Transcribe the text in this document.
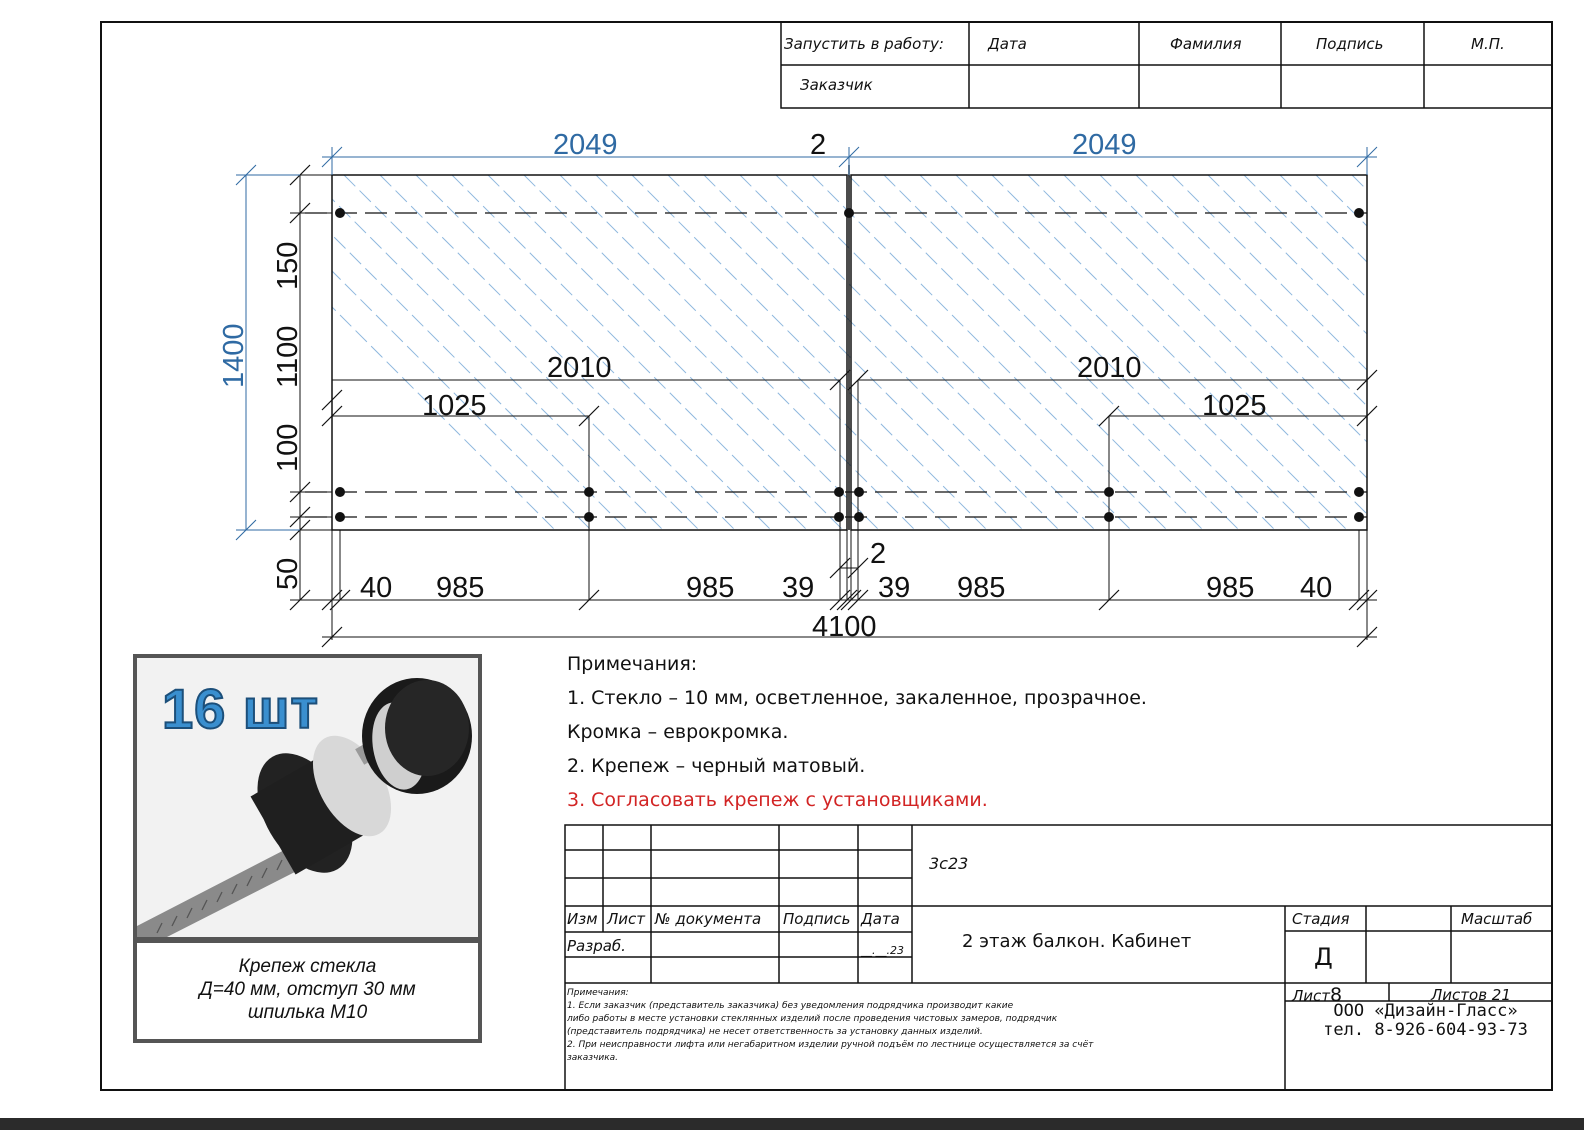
2049	2	2049
2010	2010
1025	1025
40 985	985 39
2
39 985	985 40
4100
1400
150
1100
100
50
Запустить в работу:
Заказчик
Дата	Фамилия	Подпись	М.П.
Примечания:
1. Стекло – 10 мм, осветленное, закаленное, прозрачное.
Кромка – еврокромка.
2. Крепеж – черный матовый.
3. Согласовать крепеж с установщиками.
16 шт
Крепеж стекла
Д=40 мм, отступ 30 мм
шпилька М10
3с23
Изм Лист № документа Подпись Дата
Разраб.	__.__.23	2 этаж балкон. Кабинет
Стадия	Масштаб
Д
Лист8	Листов 21
ООО «Дизайн-Гласс»
тел. 8-926-604-93-73
Примечания:
1. Если заказчик (представитель заказчика) без уведомления подрядчика производит какие
либо работы в месте установки стеклянных изделий после проведения чистовых замеров, подрядчик
(представитель подрядчика) не несет ответственность за установку данных изделий.
2. При неисправности лифта или негабаритном изделии ручной подъём по лестнице осуществляется за счёт
заказчика.
